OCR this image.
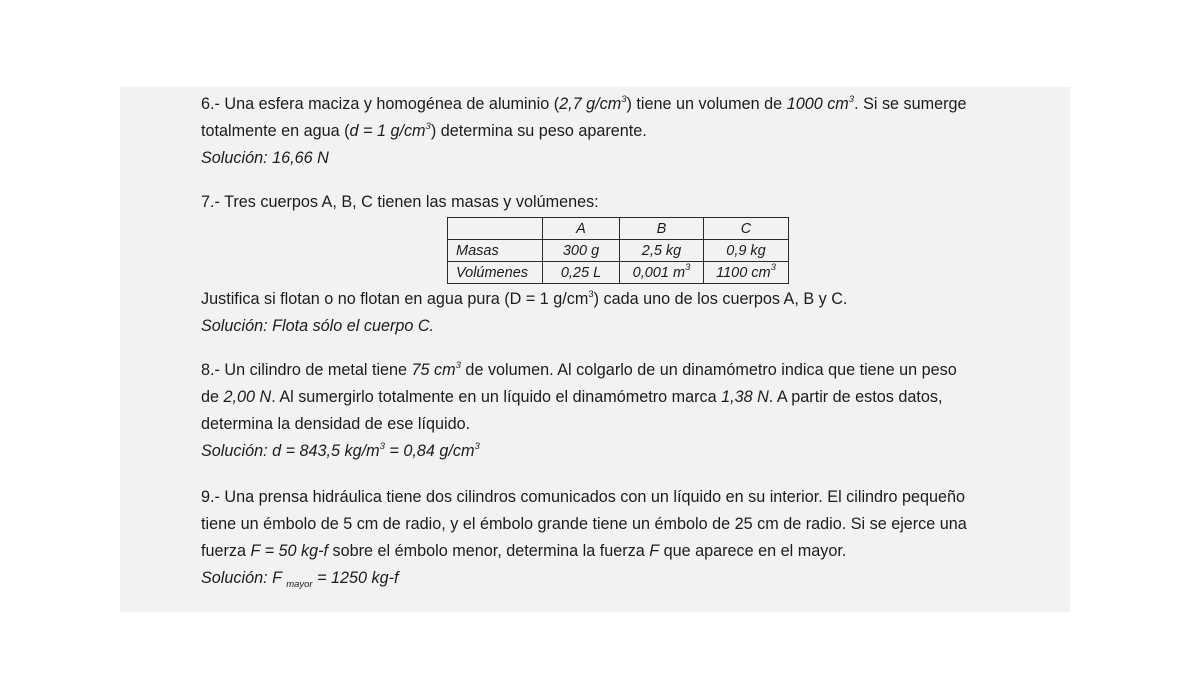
6.- Una esfera maciza y homogénea de aluminio (2,7 $g/cm^3$) tiene un volumen de 1000 $cm^3$. Si se sumerge

totalmente en agua (d = 1 $g/cm^3$) determina su peso aparente.

Solución: 16,66 N

7.- Tres cuerpos A, B, C tienen las masas y volúmenes:

	A	B	C
Masas	300 g	2,5 kg	0,9 kg
Volúmenes	0,25 L	0,001 $m^3$	1100 $cm^3$

Justifica si flotan o no flotan en agua pura (D = 1 $g/cm^3$) cada uno de los cuerpos A, B y C.

Solución: Flota sólo el cuerpo C.

8.- Un cilindro de metal tiene 75 $cm^3$ de volumen. Al colgarlo de un dinamómetro indica que tiene un peso

de 2,00 N. Al sumergirlo totalmente en un líquido el dinamómetro marca 1,38 N. A partir de estos datos,

determina la densidad de ese líquido.

Solución: d = 843,5 $kg/m^3 = 0,84$ $g/cm^3$

9.- Una prensa hidráulica tiene dos cilindros comunicados con un líquido en su interior. El cilindro pequeño

tiene un émbolo de 5 cm de radio, y el émbolo grande tiene un émbolo de 25 cm de radio. Si se ejerce una

fuerza F = 50 kg-f sobre el émbolo menor, determina la fuerza F que aparece en el mayor.

Solución: F $_{mayor}$ = 1250 kg-f
